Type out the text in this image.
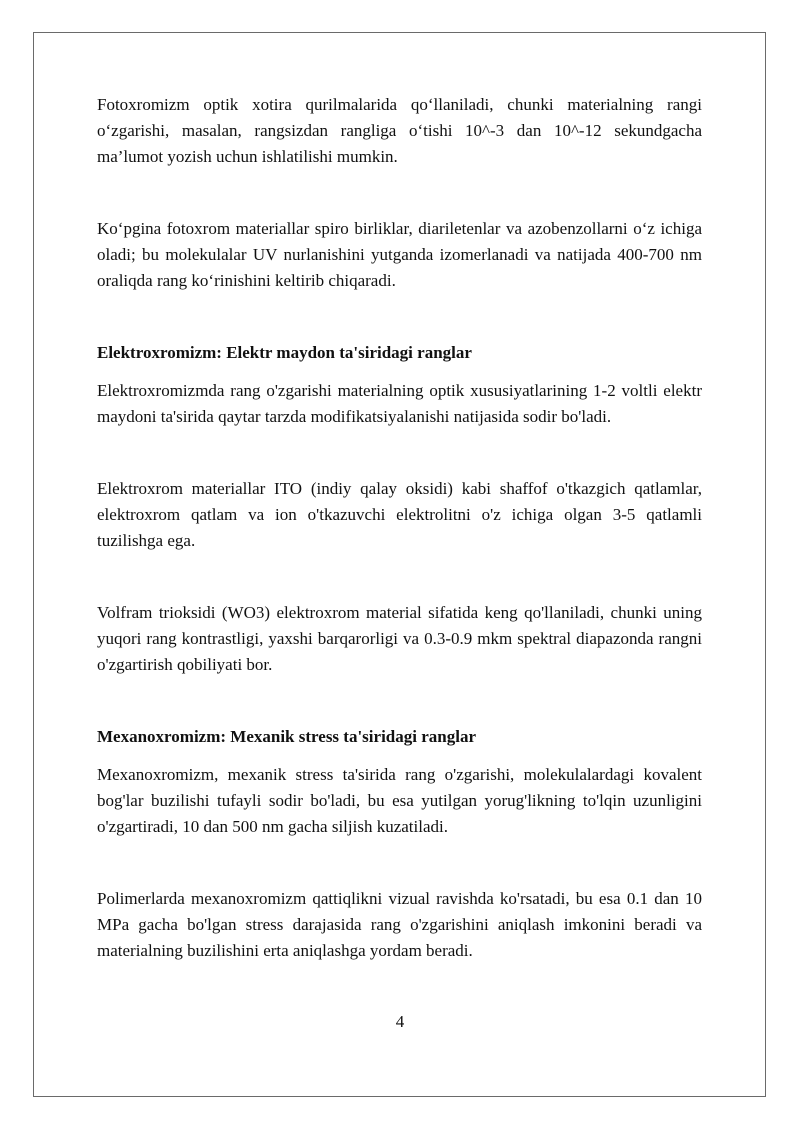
Fotoxromizm optik xotira qurilmalarida qo‘llaniladi, chunki materialning rangi o‘zgarishi, masalan, rangsizdan rangliga o‘tishi 10^-3 dan 10^-12 sekundgacha ma’lumot yozish uchun ishlatilishi mumkin.

Ko‘pgina fotoxrom materiallar spiro birliklar, diariletenlar va azobenzollarni o‘z ichiga oladi; bu molekulalar UV nurlanishini yutganda izomerlanadi va natijada 400-700 nm oraliqda rang ko‘rinishini keltirib chiqaradi.

Elektroxromizm: Elektr maydon ta'siridagi ranglar

Elektroxromizmda rang o'zgarishi materialning optik xususiyatlarining 1-2 voltli elektr maydoni ta'sirida qaytar tarzda modifikatsiyalanishi natijasida sodir bo'ladi.

Elektroxrom materiallar ITO (indiy qalay oksidi) kabi shaffof o'tkazgich qatlamlar, elektroxrom qatlam va ion o'tkazuvchi elektrolitni o'z ichiga olgan 3-5 qatlamli tuzilishga ega.

Volfram trioksidi (WO3) elektroxrom material sifatida keng qo'llaniladi, chunki uning yuqori rang kontrastligi, yaxshi barqarorligi va 0.3-0.9 mkm spektral diapazonda rangni o'zgartirish qobiliyati bor.

Mexanoxromizm: Mexanik stress ta'siridagi ranglar

Mexanoxromizm, mexanik stress ta'sirida rang o'zgarishi, molekulalardagi kovalent bog'lar buzilishi tufayli sodir bo'ladi, bu esa yutilgan yorug'likning to'lqin uzunligini o'zgartiradi, 10 dan 500 nm gacha siljish kuzatiladi.

Polimerlarda mexanoxromizm qattiqlikni vizual ravishda ko'rsatadi, bu esa 0.1 dan 10 MPa gacha bo'lgan stress darajasida rang o'zgarishini aniqlash imkonini beradi va materialning buzilishini erta aniqlashga yordam beradi.

4
